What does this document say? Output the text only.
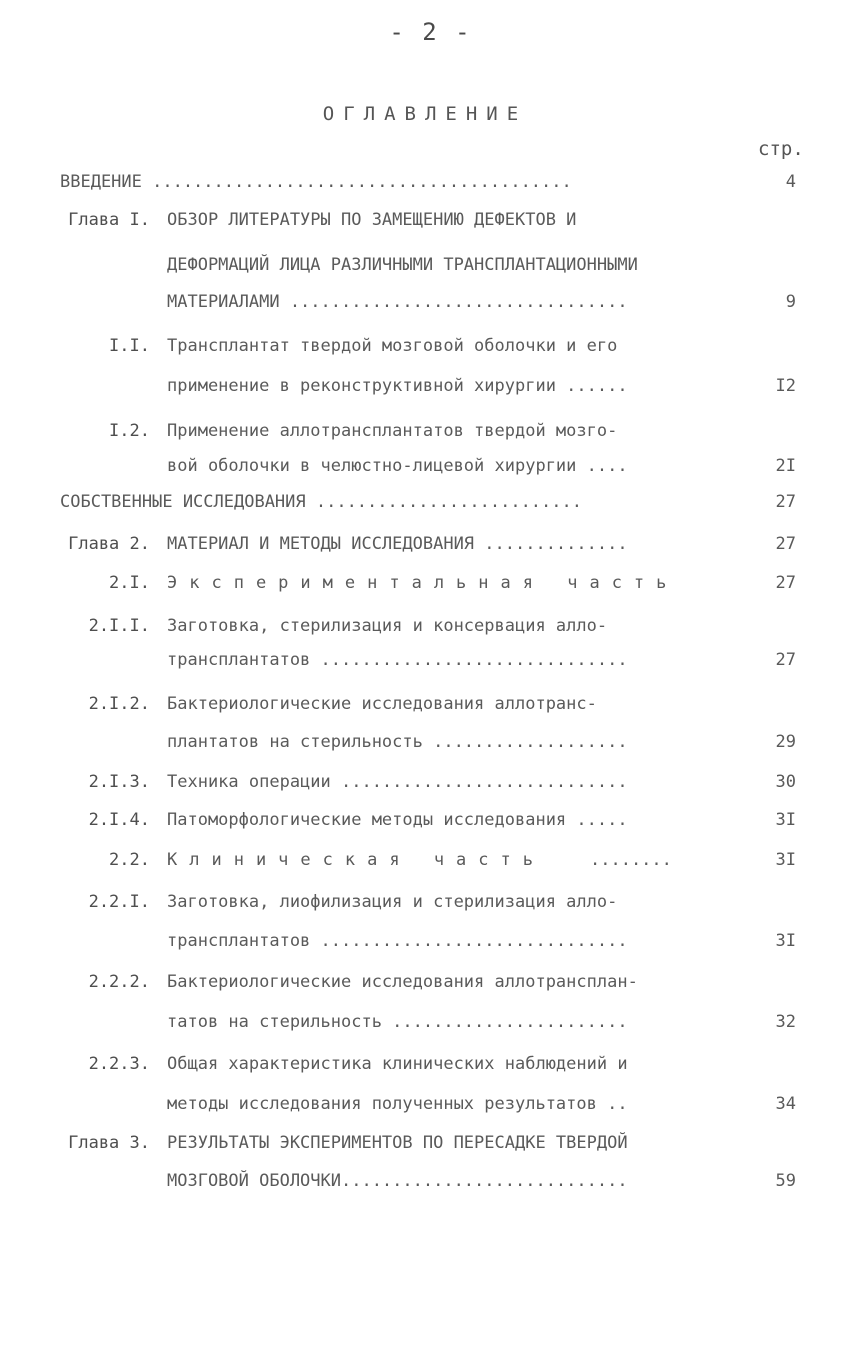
- 2 -
ОГЛАВЛЕНИЕ
стр.
ВВЕДЕНИЕ .........................................	4
Глава I. ОБЗОР ЛИТЕРАТУРЫ ПО ЗАМЕЩЕНИЮ ДЕФЕКТОВ И
ДЕФОРМАЦИЙ ЛИЦА РАЗЛИЧНЫМИ ТРАНСПЛАНТАЦИОННЫМИ
МАТЕРИАЛАМИ .................................	9
I.I. Трансплантат твердой мозговой оболочки и его
применение в реконструктивной хирургии ......	I2
I.2. Применение аллотрансплантатов твердой мозго-
вой оболочки в челюстно-лицевой хирургии ....	2I
СОБСТВЕННЫЕ ИССЛЕДОВАНИЯ ..........................	27
Глава 2. МАТЕРИАЛ И МЕТОДЫ ИССЛЕДОВАНИЯ ..............	27
2.I. Экспериментальная часть	27
2.I.I. Заготовка, стерилизация и консервация алло-
трансплантатов ..............................	27
2.I.2. Бактериологические исследования аллотранс-
плантатов на стерильность ...................	29
2.I.3. Техника операции ............................	30
2.I.4. Патоморфологические методы исследования .....	3I
2.2. Клиническая часть	........	3I
2.2.I. Заготовка, лиофилизация и стерилизация алло-
трансплантатов ..............................	3I
2.2.2. Бактериологические исследования аллотрансплан-
татов на стерильность .......................	32
2.2.3. Общая характеристика клинических наблюдений и
методы исследования полученных результатов ..	34
Глава 3. РЕЗУЛЬТАТЫ ЭКСПЕРИМЕНТОВ ПО ПЕРЕСАДКЕ ТВЕРДОЙ
МОЗГОВОЙ ОБОЛОЧКИ............................	59
